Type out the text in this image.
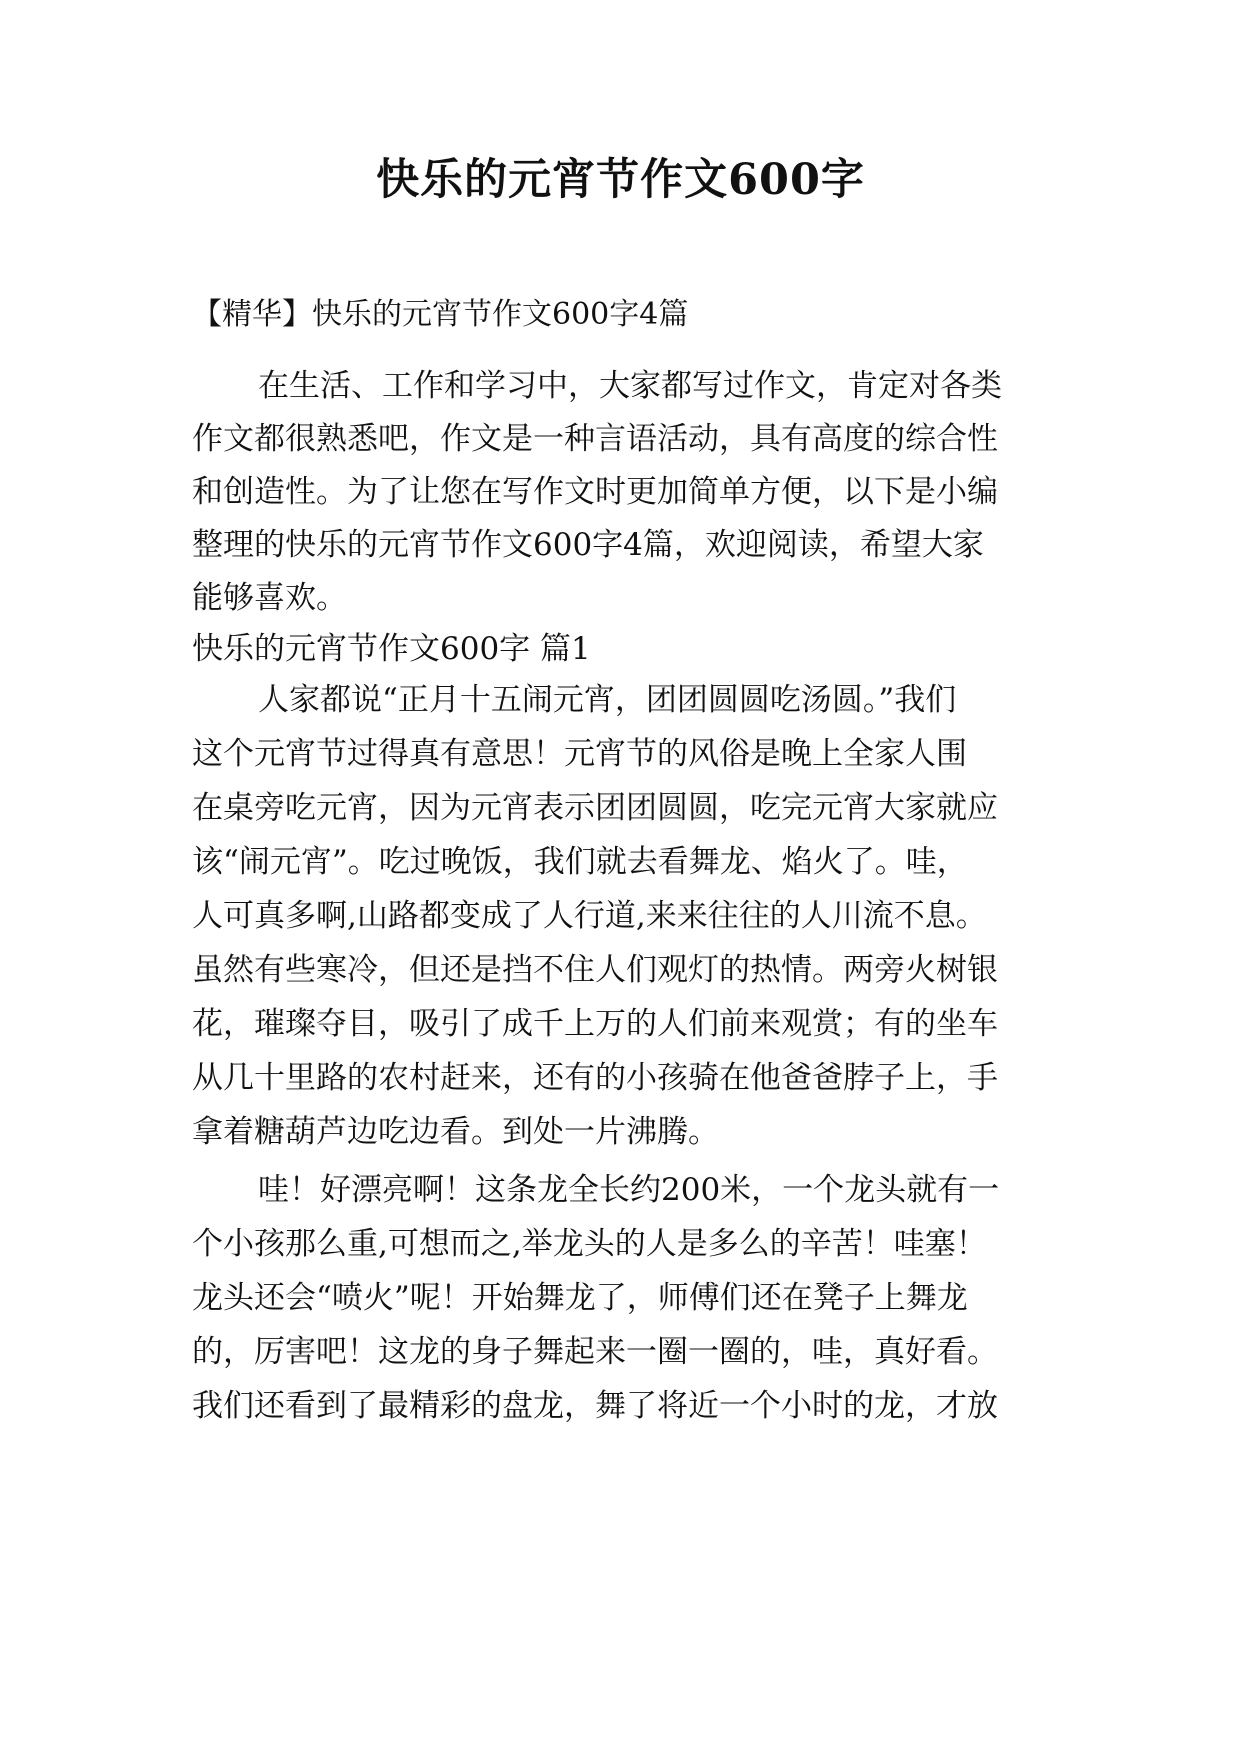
快乐的元宵节作文600字
【精华】快乐的元宵节作文600字4篇
在生活、工作和学习中，大家都写过作文，肯定对各类
作文都很熟悉吧，作文是一种言语活动，具有高度的综合性
和创造性。为了让您在写作文时更加简单方便，以下是小编
整理的快乐的元宵节作文600字4篇，欢迎阅读，希望大家
能够喜欢。
快乐的元宵节作文600字 篇1
人家都说“正月十五闹元宵，团团圆圆吃汤圆。”我们
这个元宵节过得真有意思！元宵节的风俗是晚上全家人围
在桌旁吃元宵，因为元宵表示团团圆圆，吃完元宵大家就应
该“闹元宵”。吃过晚饭，我们就去看舞龙、焰火了。哇，
人可真多啊,山路都变成了人行道,来来往往的人川流不息。
虽然有些寒冷，但还是挡不住人们观灯的热情。两旁火树银
花，璀璨夺目，吸引了成千上万的人们前来观赏；有的坐车
从几十里路的农村赶来，还有的小孩骑在他爸爸脖子上，手
拿着糖葫芦边吃边看。到处一片沸腾。
哇！好漂亮啊！这条龙全长约200米，一个龙头就有一
个小孩那么重,可想而之,举龙头的人是多么的辛苦！哇塞！
龙头还会“喷火”呢！开始舞龙了，师傅们还在凳子上舞龙
的，厉害吧！这龙的身子舞起来一圈一圈的，哇，真好看。
我们还看到了最精彩的盘龙，舞了将近一个小时的龙，才放
